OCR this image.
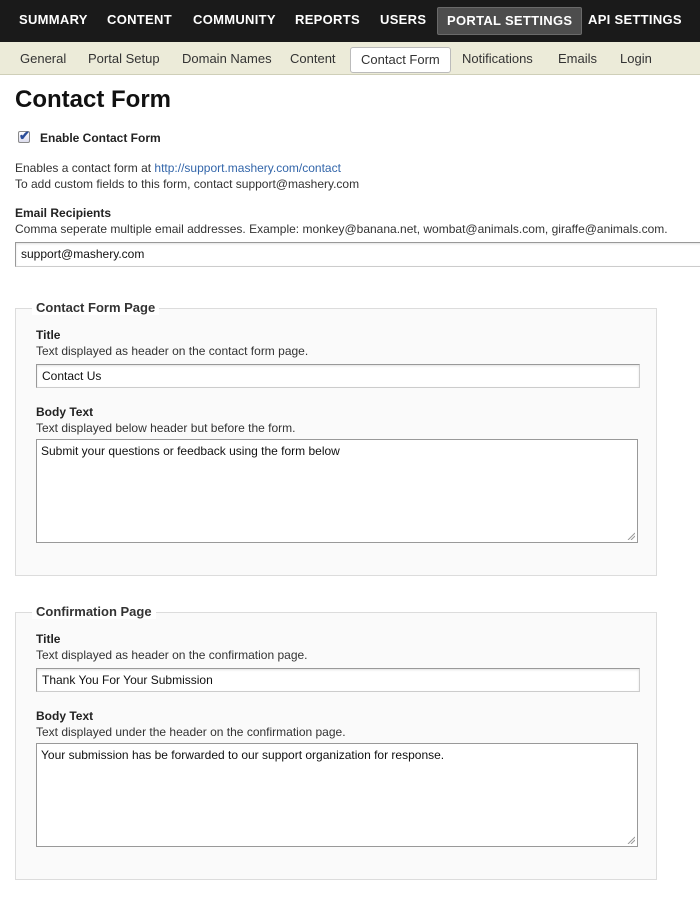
SUMMARY CONTENT COMMUNITY REPORTS USERS	PORTAL SETTINGS	API SETTINGS
General Portal Setup Domain Names Content	Contact Form	Notifications Emails Login
Contact Form
✔ Enable Contact Form
Enables a contact form at http://support.mashery.com/contact
To add custom fields to this form, contact support@mashery.com
Email Recipients
Comma seperate multiple email addresses. Example: monkey@banana.net, wombat@animals.com, giraffe@animals.com.
support@mashery.com
Contact Form Page
Title
Text displayed as header on the contact form page.
Contact Us
Body Text
Text displayed below header but before the form.
Submit your questions or feedback using the form below
Confirmation Page
Title
Text displayed as header on the confirmation page.
Thank You For Your Submission
Body Text
Text displayed under the header on the confirmation page.
Your submission has be forwarded to our support organization for response.
